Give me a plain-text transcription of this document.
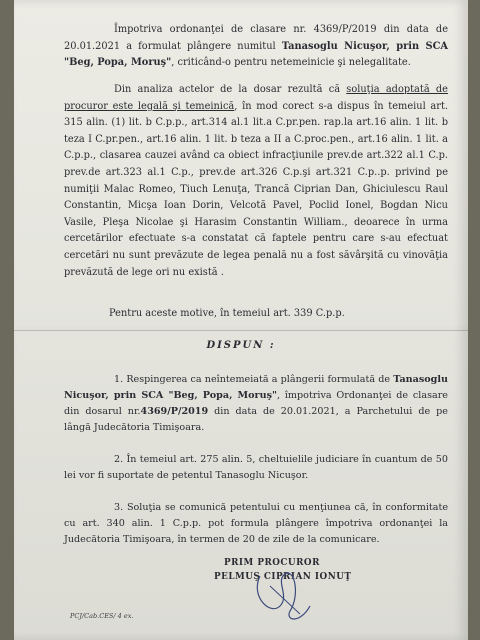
Împotriva ordonanţei de clasare nr. 4369/P/2019 din data de 20.01.2021 a formulat plângere numitul Tanasoglu Nicuşor, prin SCA "Beg, Popa, Moruş", criticând-o pentru netemeinicie şi nelegalitate.
Din analiza actelor de la dosar rezultă că soluţia adoptată de procuror este legală şi temeinică, în mod corect s-a dispus în temeiul art. 315 alin. (1) lit. b C.p.p., art.314 al.1 lit.a C.pr.pen. rap.la art.16 alin. 1 lit. b teza I C.pr.pen., art.16 alin. 1 lit. b teza a II a C.proc.pen., art.16 alin. 1 lit. a C.p.p., clasarea cauzei având ca obiect infracţiunile prev.de art.322 al.1 C.p. prev.de art.323 al.1 C.p., prev.de art.326 C.p.şi art.321 C.p..p. privind pe numiţii Malac Romeo, Tiuch Lenuţa, Trancă Ciprian Dan, Ghiciulescu Raul Constantin, Micşa Ioan Dorin, Velcotă Pavel, Poclid Ionel, Bogdan Nicu Vasile, Pleşa Nicolae şi Harasim Constantin William., deoarece în urma cercetărilor efectuate s-a constatat că faptele pentru care s-au efectuat cercetări nu sunt prevăzute de legea penală nu a fost săvârşită cu vinovăţia prevăzută de lege ori nu există .
Pentru aceste motive, în temeiul art. 339 C.p.p.
DISPUN :
1. Respingerea ca neîntemeiată a plângerii formulată de Tanasoglu Nicuşor, prin SCA "Beg, Popa, Moruş", împotriva Ordonanţei de clasare din dosarul nr.4369/P/2019 din data de 20.01.2021, a Parchetului de pe lângă Judecătoria Timişoara.
2. În temeiul art. 275 alin. 5, cheltuielile judiciare în cuantum de 50 lei vor fi suportate de petentul Tanasoglu Nicuşor.
3. Soluţia se comunică petentului cu menţiunea că, în conformitate cu art. 340 alin. 1 C.p.p. pot formula plângere împotriva ordonanţei la Judecătoria Timişoara, în termen de 20 de zile de la comunicare.
PRIM PROCUROR
PELMUŞ CIPRIAN IONUŢ
PCJ/Cab.CES/ 4 ex.
